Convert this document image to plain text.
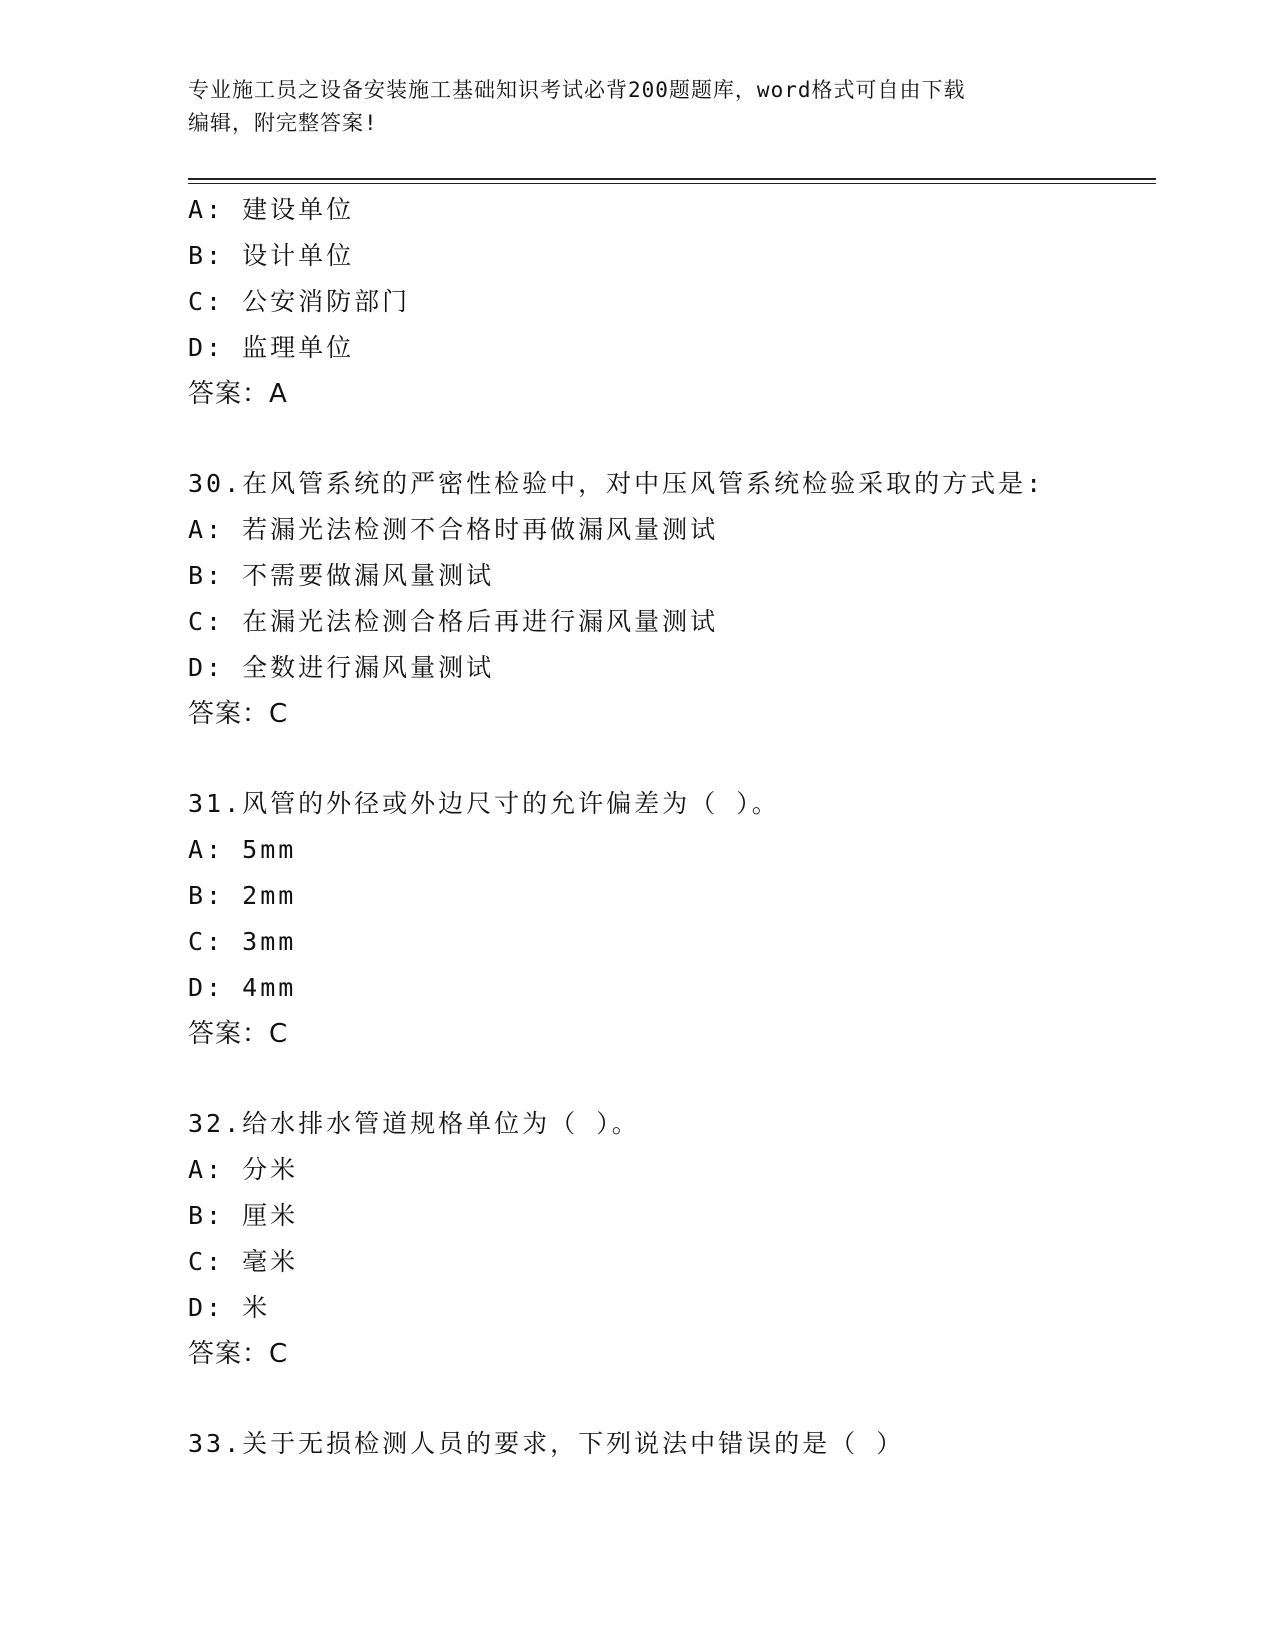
专业施工员之设备安装施工基础知识考试必背200题题库，word格式可自由下载
编辑，附完整答案!
A: 建设单位
B: 设计单位
C: 公安消防部门
D: 监理单位
答案：A
30.在风管系统的严密性检验中，对中压风管系统检验采取的方式是:
A: 若漏光法检测不合格时再做漏风量测试
B: 不需要做漏风量测试
C: 在漏光法检测合格后再进行漏风量测试
D: 全数进行漏风量测试
答案：C
31.风管的外径或外边尺寸的允许偏差为（ ）。
A: 5mm
B: 2mm
C: 3mm
D: 4mm
答案：C
32.给水排水管道规格单位为（ ）。
A: 分米
B: 厘米
C: 毫米
D: 米
答案：C
33.关于无损检测人员的要求，下列说法中错误的是（ ）
